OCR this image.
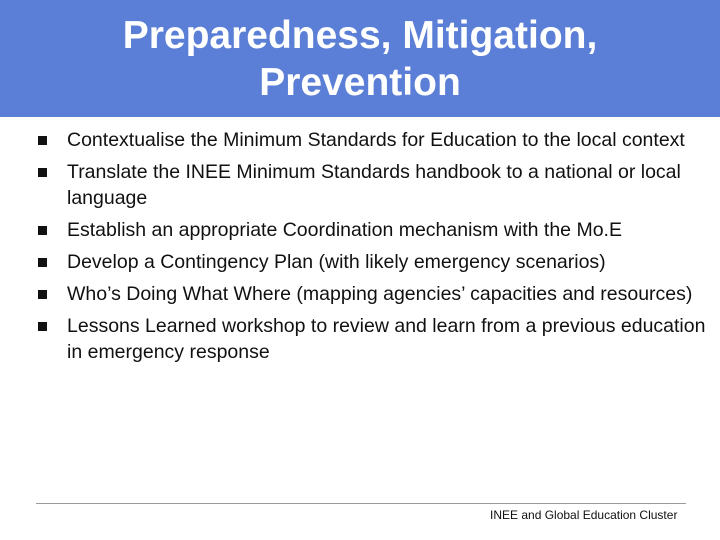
Preparedness, Mitigation,
Prevention
Contextualise the Minimum Standards for Education to the local context
Translate the INEE Minimum Standards handbook to a national or local language
Establish an appropriate Coordination mechanism with the Mo.E
Develop a Contingency Plan (with likely emergency scenarios)
Who’s Doing What Where (mapping agencies’ capacities and resources)
Lessons Learned workshop to review and learn from a previous education in emergency response
INEE and Global Education Cluster
